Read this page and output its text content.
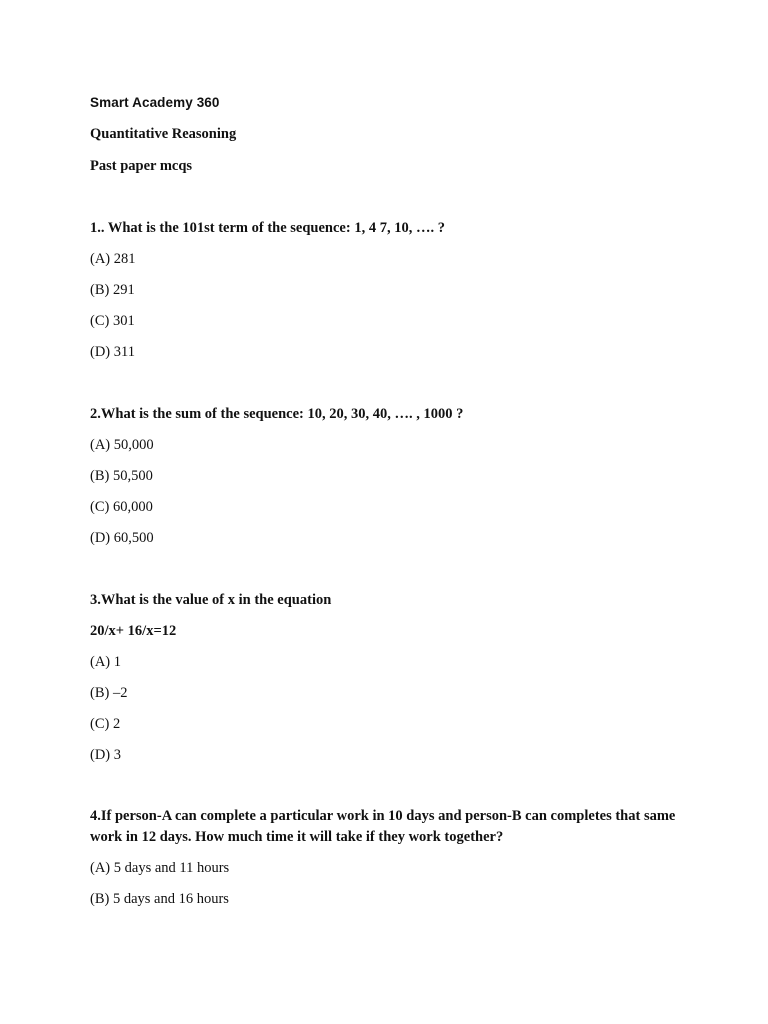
Smart Academy 360

Quantitative Reasoning

Past paper mcqs

1.. What is the 101st term of the sequence: 1, 4 7, 10, …. ?

(A) 281

(B) 291

(C) 301

(D) 311

2.What is the sum of the sequence: 10, 20, 30, 40, …. , 1000 ?

(A) 50,000

(B) 50,500

(C) 60,000

(D) 60,500

3.What is the value of x in the equation

20/x+ 16/x=12

(A) 1

(B) –2

(C) 2

(D) 3

4.If person-A can complete a particular work in 10 days and person-B can completes that same work in 12 days. How much time it will take if they work together?

(A) 5 days and 11 hours

(B) 5 days and 16 hours
